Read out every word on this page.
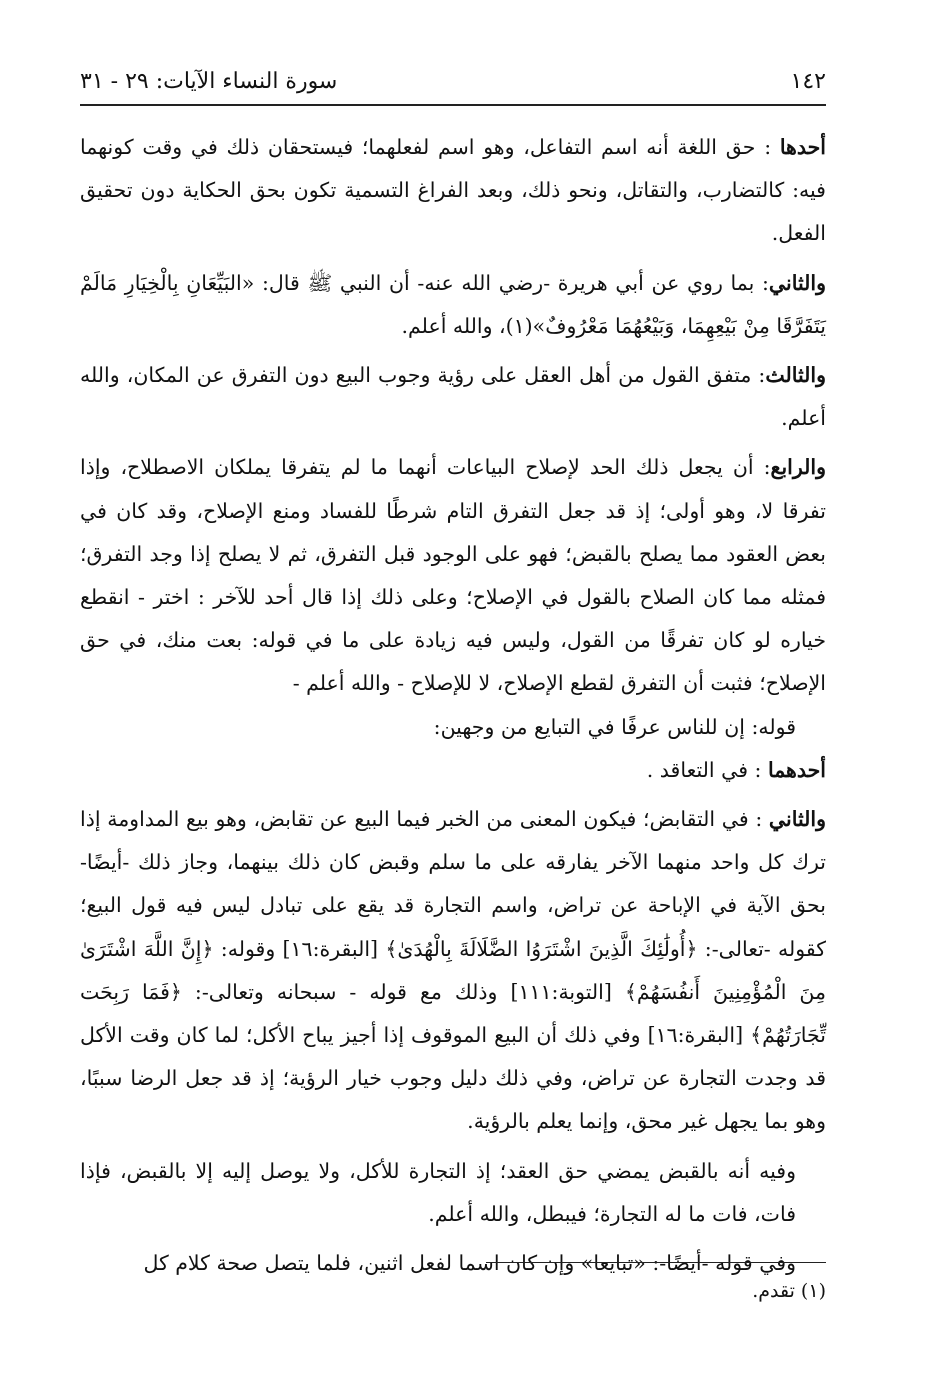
١٤٢
سورة النساء الآيات: ٢٩ - ٣١

أحدها : حق اللغة أنه اسم التفاعل، وهو اسم لفعلهما؛ فيستحقان ذلك في وقت كونهما فيه: كالتضارب، والتقاتل، ونحو ذلك، وبعد الفراغ التسمية تكون بحق الحكاية دون تحقيق الفعل.

والثاني: بما روي عن أبي هريرة -رضي الله عنه- أن النبي ﷺ قال: «البَيِّعَانِ بِالْخِيَارِ مَالَمْ يَتَفَرَّقَا مِنْ بَيْعِهِمَا، وَبَيْعُهُمَا مَعْرُوفٌ»(١)، والله أعلم.

والثالث: متفق القول من أهل العقل على رؤية وجوب البيع دون التفرق عن المكان، والله أعلم.

والرابع: أن يجعل ذلك الحد لإصلاح البياعات أنهما ما لم يتفرقا يملكان الاصطلاح، وإذا تفرقا لا، وهو أولى؛ إذ قد جعل التفرق التام شرطًا للفساد ومنع الإصلاح، وقد كان في بعض العقود مما يصلح بالقبض؛ فهو على الوجود قبل التفرق، ثم لا يصلح إذا وجد التفرق؛ فمثله مما كان الصلاح بالقول في الإصلاح؛ وعلى ذلك إذا قال أحد للآخر : اختر - انقطع خياره لو كان تفرقًا من القول، وليس فيه زيادة على ما في قوله: بعت منك، في حق الإصلاح؛ فثبت أن التفرق لقطع الإصلاح، لا للإصلاح - والله أعلم -

قوله: إن للناس عرفًا في التبايع من وجهين:

أحدهما : في التعاقد .

والثاني : في التقابض؛ فيكون المعنى من الخبر فيما البيع عن تقابض، وهو بيع المداومة إذا ترك كل واحد منهما الآخر يفارقه على ما سلم وقبض كان ذلك بينهما، وجاز ذلك -أيضًا- بحق الآية في الإباحة عن تراض، واسم التجارة قد يقع على تبادل ليس فيه قول البيع؛ كقوله -تعالى-: ﴿أُولَٰئِكَ الَّذِينَ اشْتَرَوُا الضَّلَالَةَ بِالْهُدَىٰ﴾ [البقرة:١٦] وقوله: ﴿إِنَّ اللَّهَ اشْتَرَىٰ مِنَ الْمُؤْمِنِينَ أَنفُسَهُمْ﴾ [التوبة:١١١] وذلك مع قوله - سبحانه وتعالى-: ﴿فَمَا رَبِحَت تِّجَارَتُهُمْ﴾ [البقرة:١٦] وفي ذلك أن البيع الموقوف إذا أجيز يباح الأكل؛ لما كان وقت الأكل قد وجدت التجارة عن تراض، وفي ذلك دليل وجوب خيار الرؤية؛ إذ قد جعل الرضا سببًا، وهو بما يجهل غير محق، وإنما يعلم بالرؤية.

وفيه أنه بالقبض يمضي حق العقد؛ إذ التجارة للأكل، ولا يوصل إليه إلا بالقبض، فإذا فات، فات ما له التجارة؛ فيبطل، والله أعلم.

وفي قوله -أيضًا-: «تبايعا» وإن كان اسما لفعل اثنين، فلما يتصل صحة كلام كل

(١) تقدم.
